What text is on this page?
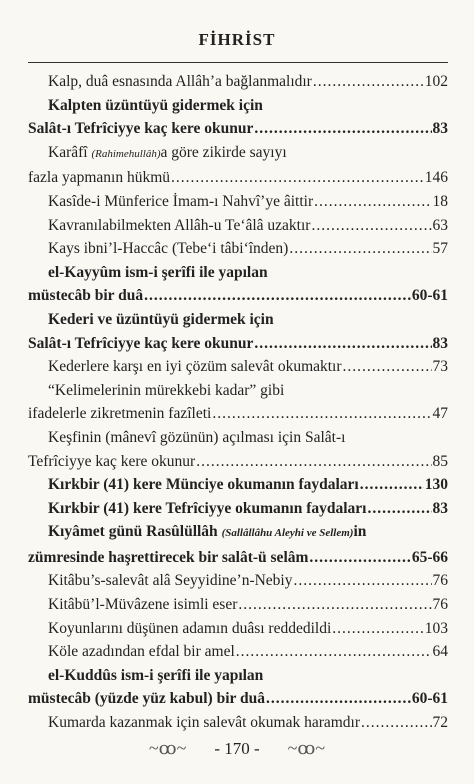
FİHRİST
Kalp, duâ esnasında Allâh’a bağlanmalıdır .....	102
Kalpten üzüntüyü gidermek için
Salât-ı Tefrîciyye kaç kere okunur .....	83
Karâfî (Rahimehullâh)a göre zikirde sayıyı
fazla yapmanın hükmü .....	146
Kasîde-i Münferice İmam-ı Nahvî’ye âittir .....	18
Kavranılabilmekten Allâh-u Te‘âlâ uzaktır .....	63
Kays ibni’l-Haccâc (Tebe‘i tâbi‘înden) .....	57
el-Kayyûm ism-i şerîfi ile yapılan
müstecâb bir duâ .....	60-61
Kederi ve üzüntüyü gidermek için
Salât-ı Tefrîciyye kaç kere okunur .....	83
Kederlere karşı en iyi çözüm salevât okumaktır .....	73
“Kelimelerinin mürekkebi kadar” gibi
ifadelerle zikretmenin fazîleti .....	47
Keşfinin (mânevî gözünün) açılması için Salât-ı
Tefrîciyye kaç kere okunur .....	85
Kırkbir (41) kere Münciye okumanın faydaları .....	130
Kırkbir (41) kere Tefrîciyye okumanın faydaları .....	83
Kıyâmet günü Rasûlüllâh (Sallâllâhu Aleyhi ve Sellem)in
zümresinde haşrettirecek bir salât-ü selâm .....	65-66
Kitâbu’s-salevât alâ Seyyidine’n-Nebiy .....	76
Kitâbü’l-Müvâzene isimli eser .....	76
Koyunlarını düşünen adamın duâsı reddedildi .....	103
Köle azadından efdal bir amel .....	64
el-Kuddûs ism-i şerîfi ile yapılan
müstecâb (yüzde yüz kabul) bir duâ .....	60-61
Kumarda kazanmak için salevât okumak haramdır .....	72
~ꝏ~ - 170 - ~ꝏ~
